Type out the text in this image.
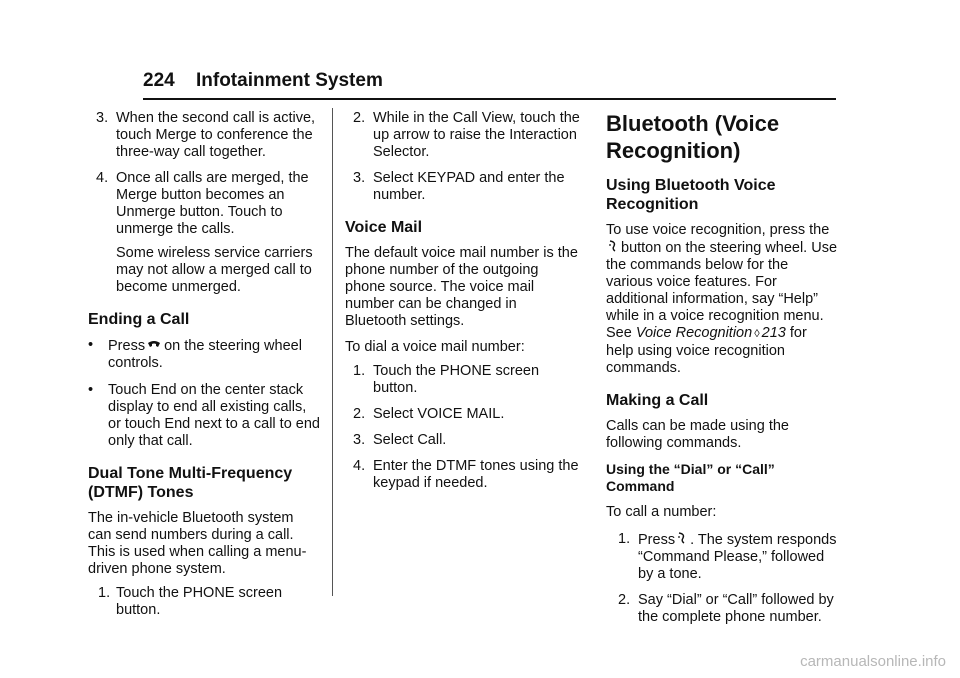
224 Infotainment System

3. When the second call is active, touch Merge to conference the three-way call together.

4. Once all calls are merged, the Merge button becomes an Unmerge button. Touch to unmerge the calls.

Some wireless service carriers may not allow a merged call to become unmerged.

Ending a Call

• Press on the steering wheel controls.

• Touch End on the center stack display to end all existing calls, or touch End next to a call to end only that call.

Dual Tone Multi-Frequency (DTMF) Tones

The in-vehicle Bluetooth system can send numbers during a call. This is used when calling a menu-driven phone system.

1. Touch the PHONE screen button.

2. While in the Call View, touch the up arrow to raise the Interaction Selector.

3. Select KEYPAD and enter the number.

Voice Mail

The default voice mail number is the phone number of the outgoing phone source. The voice mail number can be changed in Bluetooth settings.

To dial a voice mail number:

1. Touch the PHONE screen button.

2. Select VOICE MAIL.

3. Select Call.

4. Enter the DTMF tones using the keypad if needed.

Bluetooth (Voice Recognition)
Using Bluetooth Voice Recognition

To use voice recognition, press the button on the steering wheel. Use the commands below for the various voice features. For additional information, say “Help” while in a voice recognition menu. See Voice Recognition ◊ 213 for help using voice recognition commands.

Making a Call

Calls can be made using the following commands.

Using the “Dial” or “Call” Command

To call a number:

1. Press . The system responds “Command Please,” followed by a tone.

2. Say “Dial” or “Call” followed by the complete phone number.

carmanualsonline.info
